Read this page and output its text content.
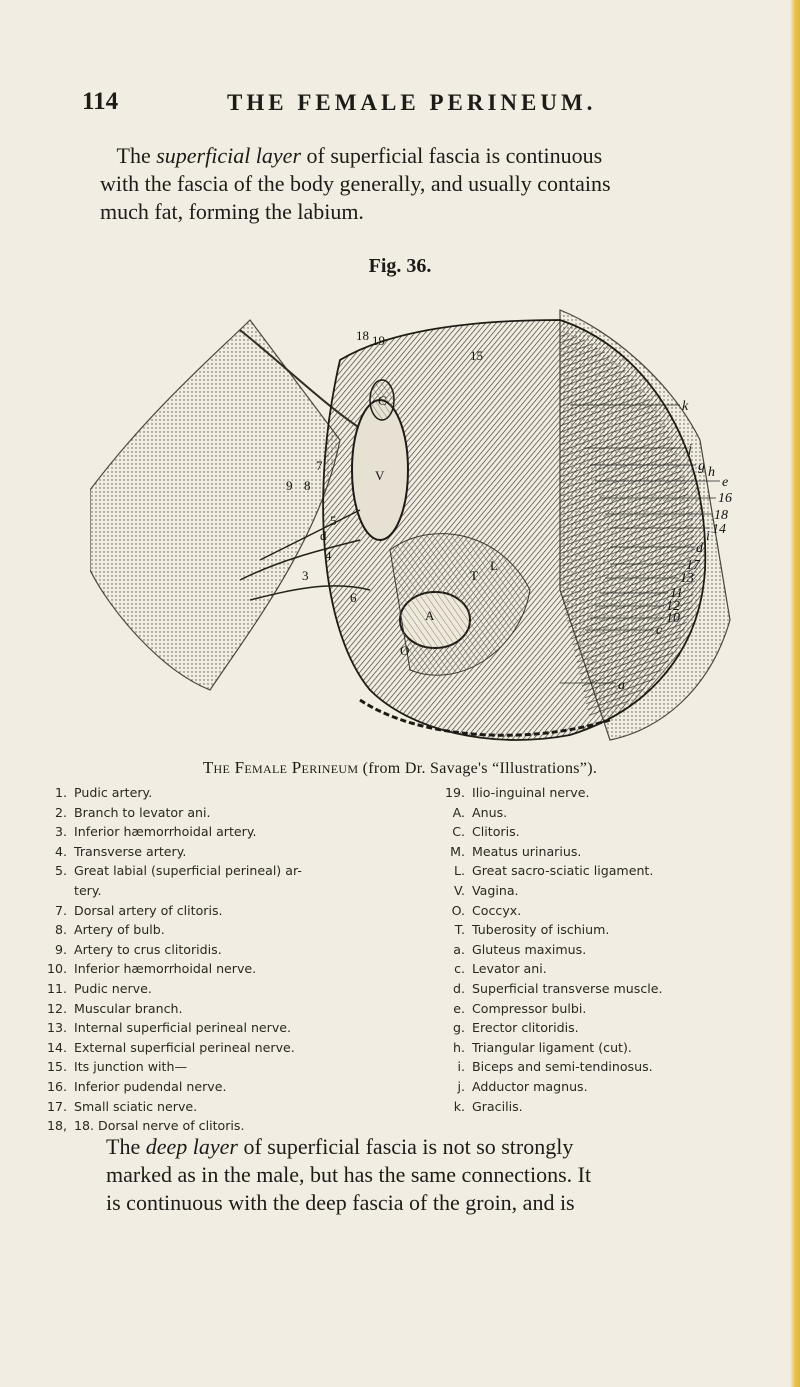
114	THE FEMALE PERINEUM.

The superficial layer of superficial fascia is continuous
with the fascia of the body generally, and usually contains
much fat, forming the labium.

Fig. 36.
18 19
15
9 8
7
4
3
5
6
d
A
L
T
O
V
C	k
j
g h
e
16
18
14
i
d
17
13
11
12
10
c
a
The Female Perineum (from Dr. Savage's “Illustrations”).
1. Pudic artery.
2. Branch to levator ani.
3. Inferior hæmorrhoidal artery.
4. Transverse artery.
5. Great labial (superficial perineal) ar-
tery.
7. Dorsal artery of clitoris.
8. Artery of bulb.
9. Artery to crus clitoridis.
10. Inferior hæmorrhoidal nerve.
11. Pudic nerve.
12. Muscular branch.
13. Internal superficial perineal nerve.
14. External superficial perineal nerve.
15. Its junction with—
16. Inferior pudendal nerve.
17. Small sciatic nerve.
18, 18. Dorsal nerve of clitoris.
19. Ilio-inguinal nerve.
A. Anus.
C. Clitoris.
M. Meatus urinarius.
L. Great sacro-sciatic ligament.
V. Vagina.
O. Coccyx.
T. Tuberosity of ischium.
a. Gluteus maximus.
c. Levator ani.
d. Superficial transverse muscle.
e. Compressor bulbi.
g. Erector clitoridis.
h. Triangular ligament (cut).
i. Biceps and semi-tendinosus.
j. Adductor magnus.
k. Gracilis.

The deep layer of superficial fascia is not so strongly
marked as in the male, but has the same connections. It
is continuous with the deep fascia of the groin, and is
